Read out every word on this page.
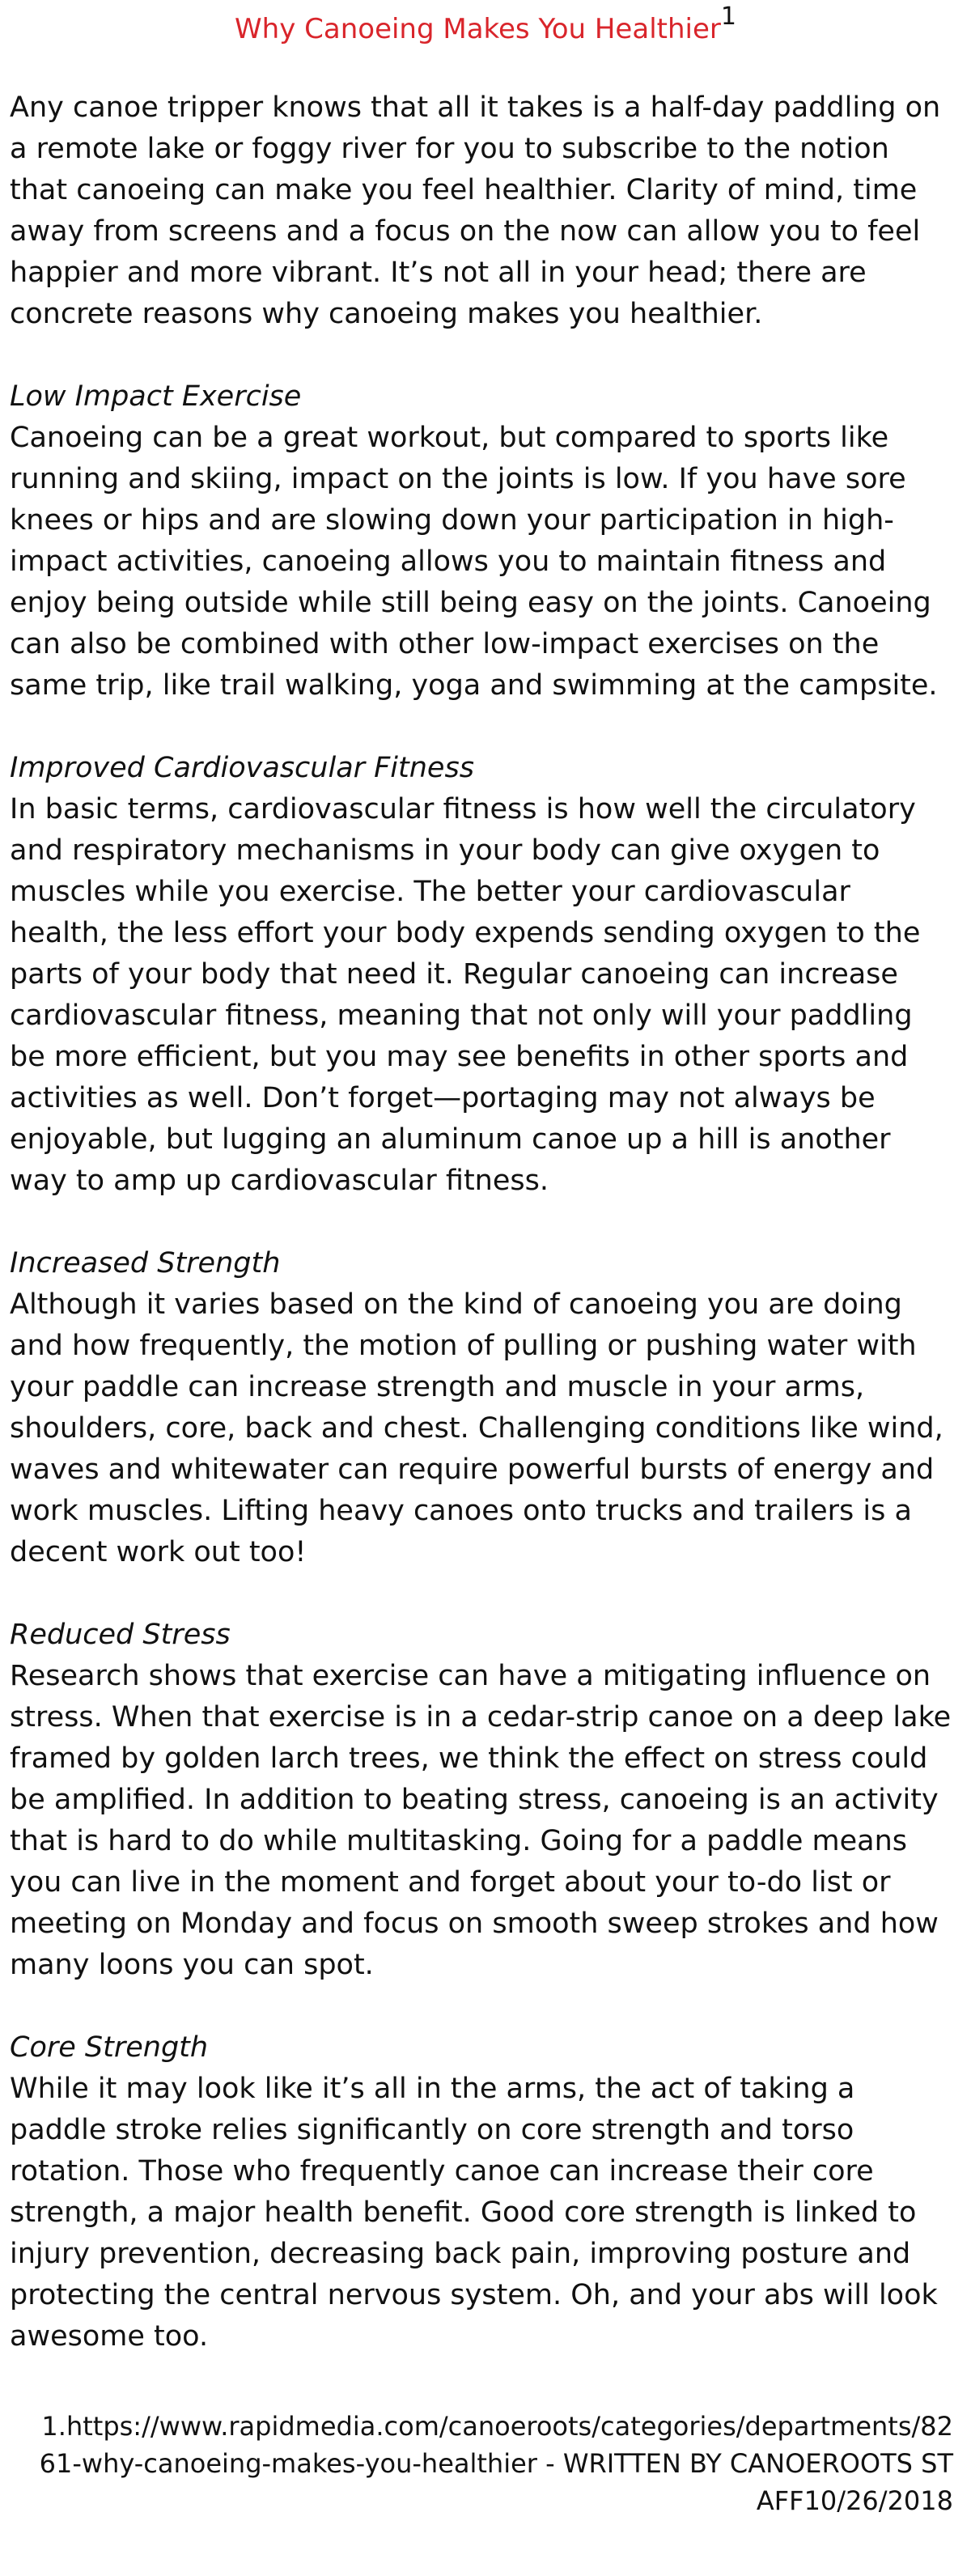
Why Canoeing Makes You Healthier$^1$

Any canoe tripper knows that all it takes is a half-day paddling on a remote lake or foggy river for you to subscribe to the notion that canoeing can make you feel healthier. Clarity of mind, time away from screens and a focus on the now can allow you to feel happier and more vibrant. It’s not all in your head; there are concrete reasons why canoeing makes you healthier.

Low Impact Exercise
Canoeing can be a great workout, but compared to sports like running and skiing, impact on the joints is low. If you have sore knees or hips and are slowing down your participation in high-impact activities, canoeing allows you to maintain fitness and enjoy being outside while still being easy on the joints. Canoeing can also be combined with other low-impact exercises on the same trip, like trail walking, yoga and swimming at the campsite.
Improved Cardiovascular Fitness
In basic terms, cardiovascular fitness is how well the circulatory and respiratory mechanisms in your body can give oxygen to muscles while you exercise. The better your cardiovascular health, the less effort your body expends sending oxygen to the parts of your body that need it. Regular canoeing can increase cardiovascular fitness, meaning that not only will your paddling be more efficient, but you may see benefits in other sports and activities as well. Don’t forget—portaging may not always be enjoyable, but lugging an aluminum canoe up a hill is another way to amp up cardiovascular fitness.
Increased Strength
Although it varies based on the kind of canoeing you are doing and how frequently, the motion of pulling or pushing water with your paddle can increase strength and muscle in your arms, shoulders, core, back and chest. Challenging conditions like wind, waves and whitewater can require powerful bursts of energy and work muscles. Lifting heavy canoes onto trucks and trailers is a decent work out too!
Reduced Stress
Research shows that exercise can have a mitigating influence on stress. When that exercise is in a cedar-strip canoe on a deep lake framed by golden larch trees, we think the effect on stress could be amplified. In addition to beating stress, canoeing is an activity that is hard to do while multitasking. Going for a paddle means you can live in the moment and forget about your to-do list or meeting on Monday and focus on smooth sweep strokes and how many loons you can spot.
Core Strength
While it may look like it’s all in the arms, the act of taking a paddle stroke relies significantly on core strength and torso rotation. Those who frequently canoe can increase their core strength, a major health benefit. Good core strength is linked to injury prevention, decreasing back pain, improving posture and protecting the central nervous system. Oh, and your abs will look awesome too.

1.https://www.rapidmedia.com/canoeroots/categories/departments/8261-why-canoeing-makes-you-healthier - WRITTEN BY CANOEROOTS STAFF10/26/2018
